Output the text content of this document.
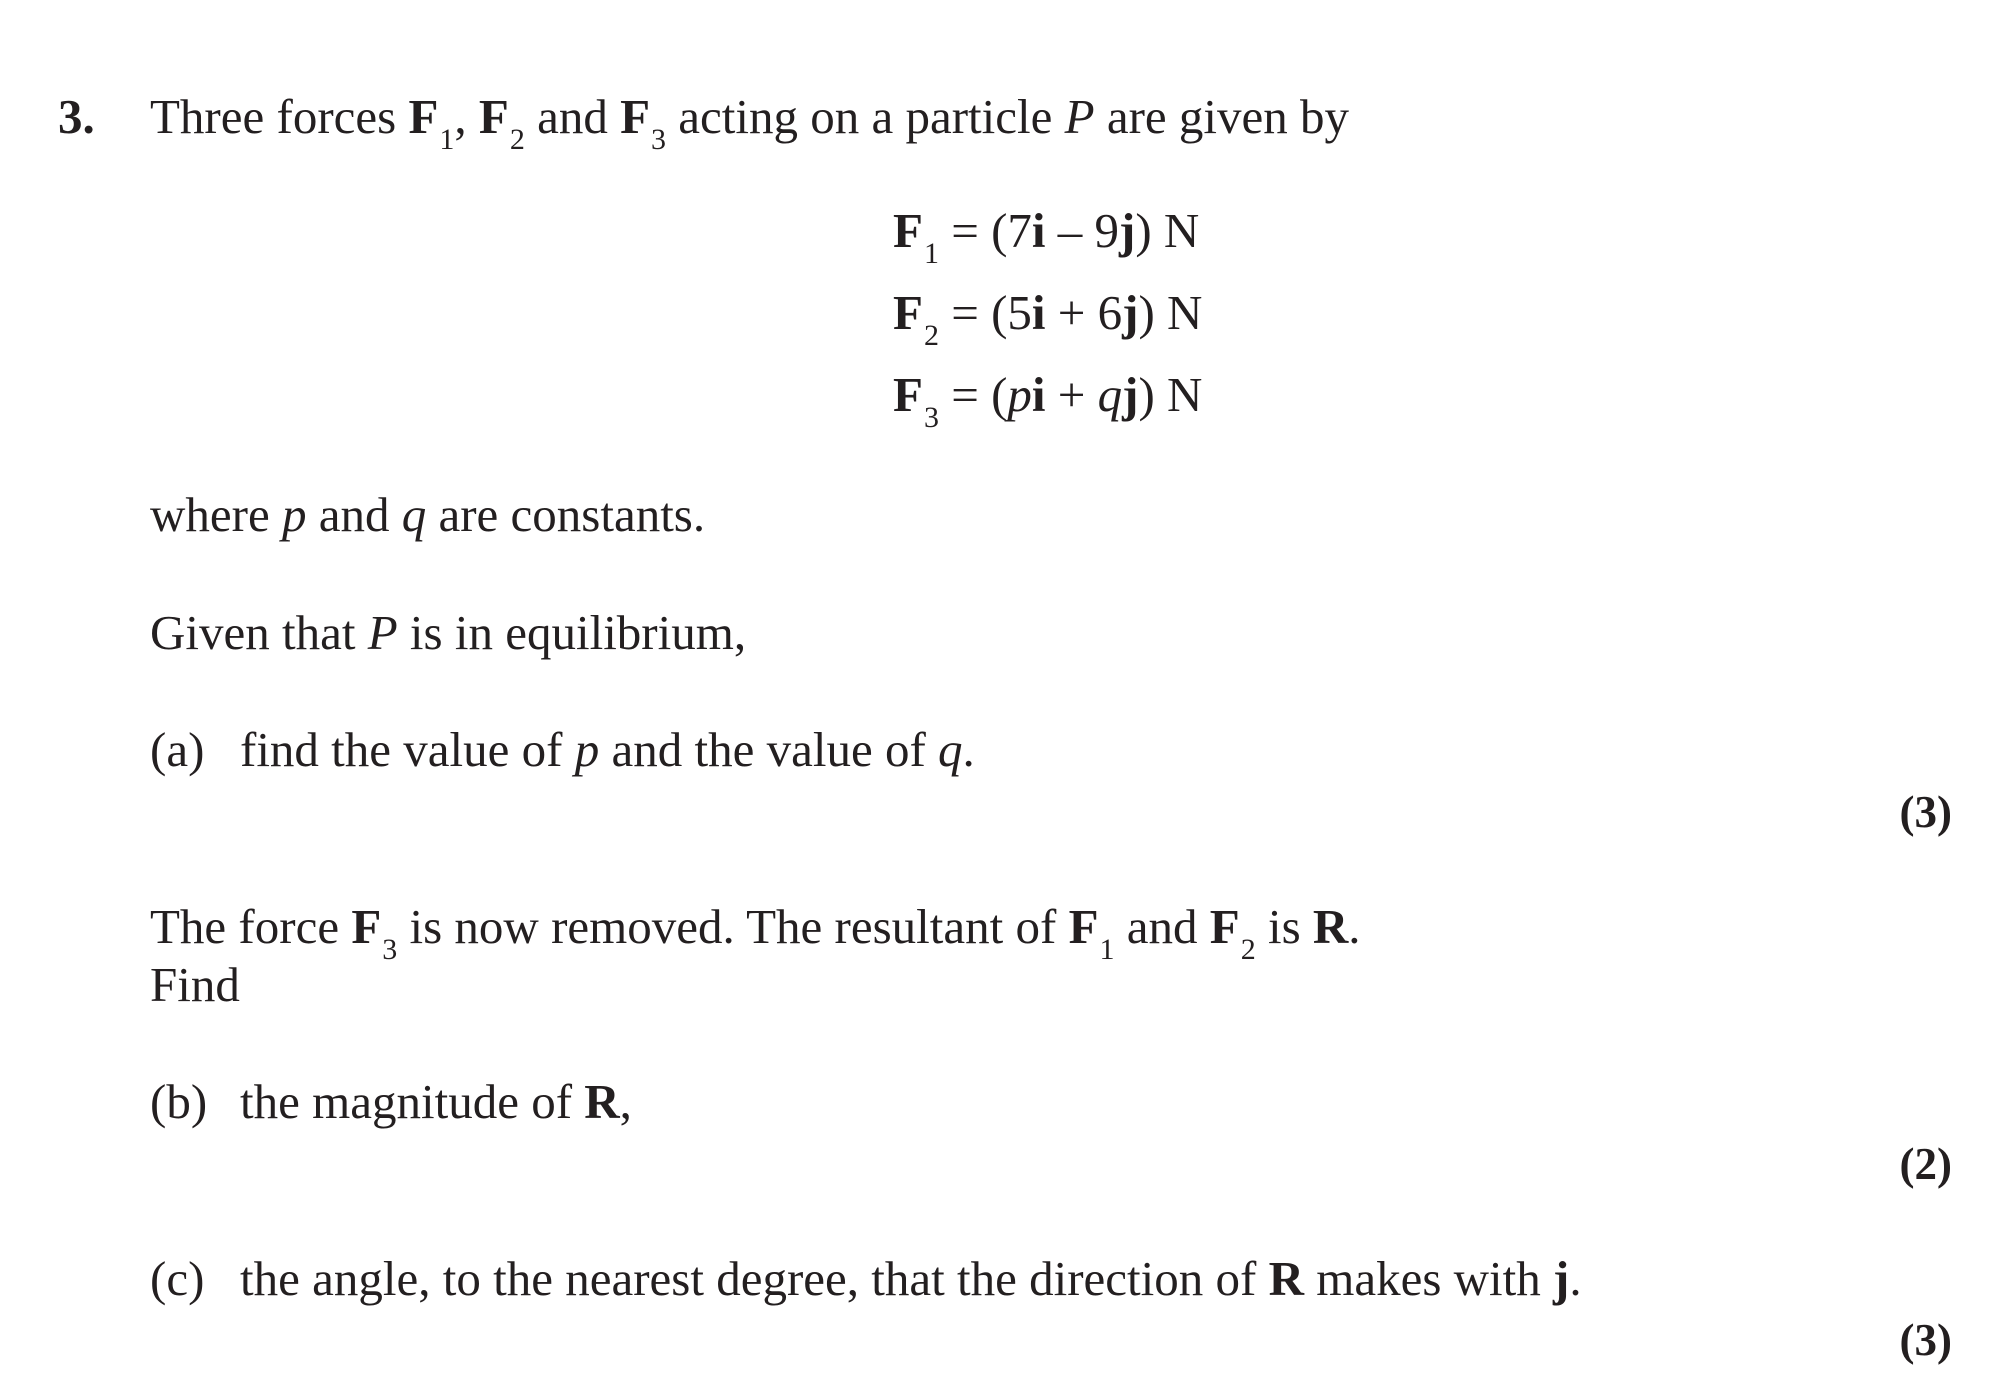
3. Three forces $F_1$, $F_2$ and $F_3$ acting on a particle P are given by
$F_1 = (7i - 9j)$ N
$F_2 = (5i + 6j)$ N
$F_3 = (pi + qj)$ N
where p and q are constants.
Given that P is in equilibrium,
(a) find the value of p and the value of q.
(3)
The force $F_3$ is now removed. The resultant of $F_1$ and $F_2$ is R.
Find
(b) the magnitude of R,
(2)
(c) the angle, to the nearest degree, that the direction of R makes with j.
(3)
